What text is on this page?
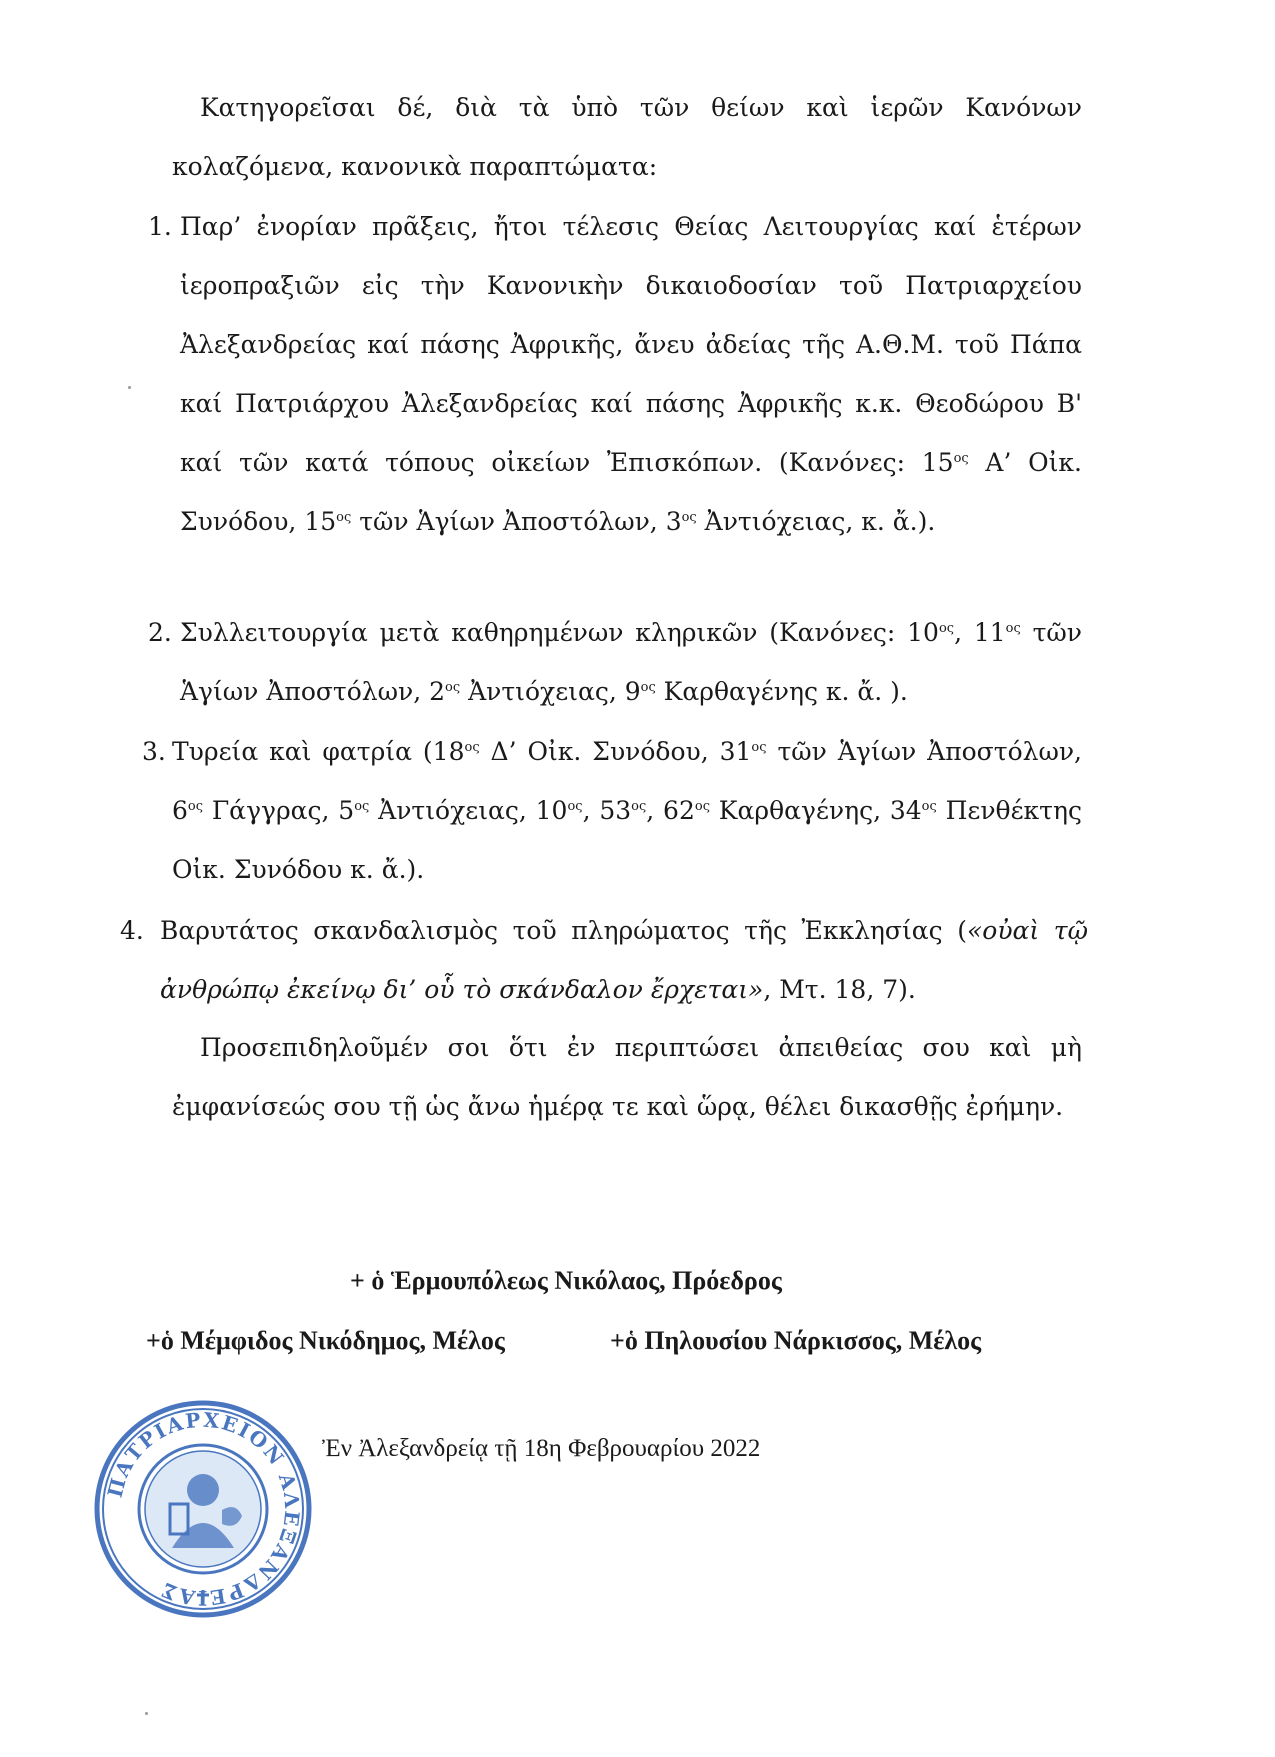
Κατηγορεῖσαι δέ, διὰ τὰ ὑπὸ τῶν θείων καὶ ἱερῶν Κανόνων κολαζόμενα, κανονικὰ παραπτώματα:

1. Παρ’ ἐνορίαν πρᾶξεις, ἤτοι τέλεσις Θείας Λειτουργίας καί ἑτέρων ἱεροπραξιῶν εἰς τὴν Κανονικὴν δικαιοδοσίαν τοῦ Πατριαρχείου Ἀλεξανδρείας καί πάσης Ἀφρικῆς, ἄνευ ἀδείας τῆς Α.Θ.Μ. τοῦ Πάπα καί Πατριάρχου Ἀλεξανδρείας καί πάσης Ἀφρικῆς κ.κ. Θεοδώρου Β' καί τῶν κατά τόπους οἰκείων Ἐπισκόπων. (Κανόνες: $15^{o\varsigma}$ Α’ Οἰκ. Συνόδου, $15^{o\varsigma}$ τῶν Ἁγίων Ἀποστόλων, $3^{o\varsigma}$ Ἀντιόχειας, κ. ἄ.).
2. Συλλειτουργία μετὰ καθηρημένων κληρικῶν (Κανόνες: $10^{o\varsigma}$, $11^{o\varsigma}$ τῶν Ἁγίων Ἀποστόλων, $2^{o\varsigma}$ Ἀντιόχειας, $9^{o\varsigma}$ Καρθαγένης κ. ἄ. ).
3. Τυρεία καὶ φατρία ($18^{o\varsigma}$ Δ’ Οἰκ. Συνόδου, $31^{o\varsigma}$ τῶν Ἁγίων Ἀποστόλων, $6^{o\varsigma}$ Γάγγρας, $5^{o\varsigma}$ Ἀντιόχειας, $10^{o\varsigma}$, $53^{o\varsigma}$, $62^{o\varsigma}$ Καρθαγένης, $34^{o\varsigma}$ Πενθέκτης Οἰκ. Συνόδου κ. ἄ.).
4. Βαρυτάτος σκανδαλισμὸς τοῦ πληρώματος τῆς Ἐκκλησίας («οὐαὶ τῷ ἀνθρώπῳ ἐκείνῳ δι’ οὗ τὸ σκάνδαλον ἔρχεται», Μτ. 18, 7).

Προσεπιδηλοῦμέν σοι ὅτι ἐν περιπτώσει ἀπειθείας σου καὶ μὴ ἐμφανίσεώς σου τῇ ὡς ἄνω ἡμέρᾳ τε καὶ ὥρᾳ, θέλει δικασθῇς ἐρήμην.

+ ὁ Ἑρμουπόλεως Νικόλαος, Πρόεδρος
+ὁ Μέμφιδος Νικόδημος, Μέλος	+ὁ Πηλουσίου Νάρκισσος, Μέλος
Ἐν Ἀλεξανδρείᾳ τῇ 18η Φεβρουαρίου 2022
ΠΑΤΡΙΑΡΧΕΙΟΝ ΑΛΕΞΑΝΔΡΕΙΑΣ
